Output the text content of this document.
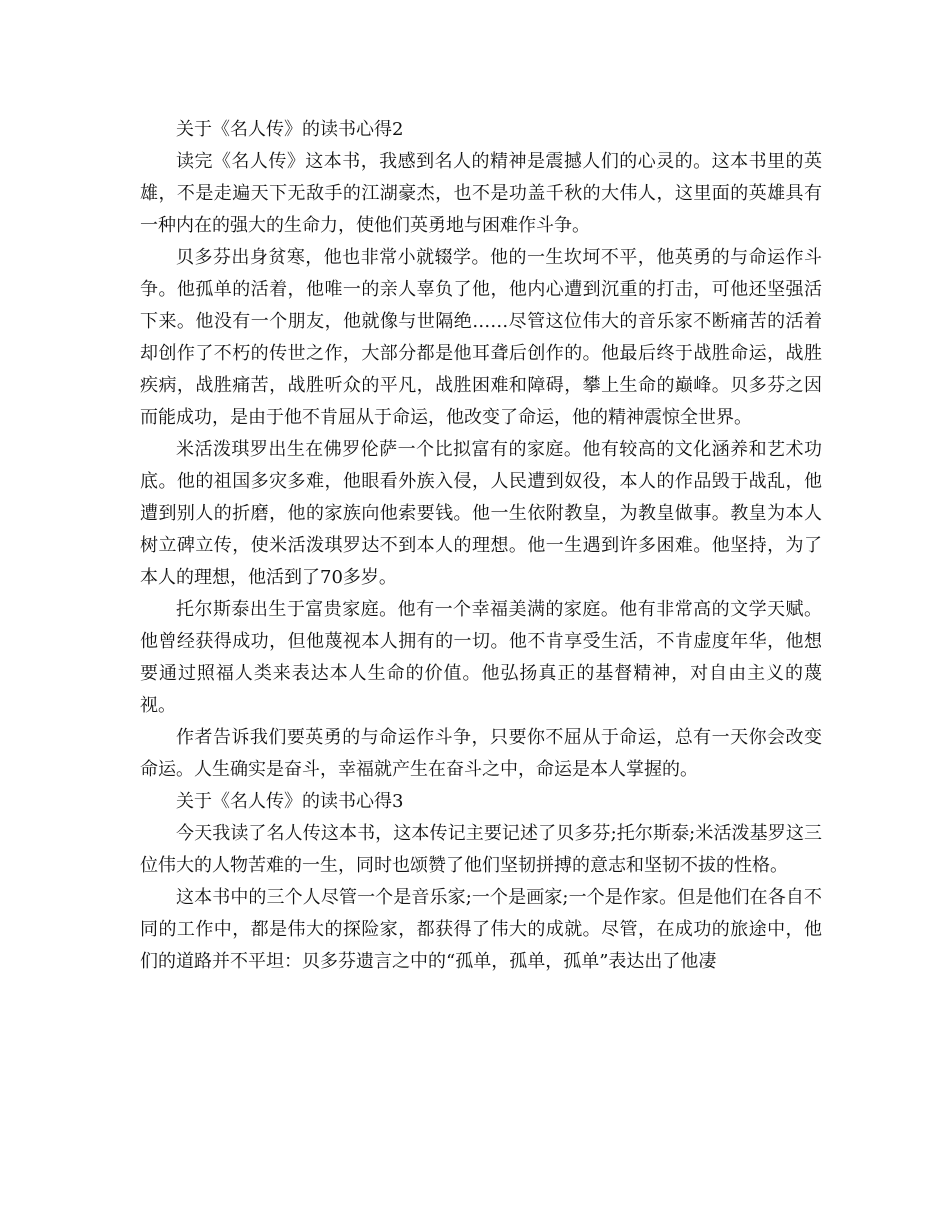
关于《名人传》的读书心得2

读完《名人传》这本书，我感到名人的精神是震撼人们的心灵的。这本书里的英雄，不是走遍天下无敌手的江湖豪杰，也不是功盖千秋的大伟人，这里面的英雄具有一种内在的强大的生命力，使他们英勇地与困难作斗争。

贝多芬出身贫寒，他也非常小就辍学。他的一生坎坷不平，他英勇的与命运作斗争。他孤单的活着，他唯一的亲人辜负了他，他内心遭到沉重的打击，可他还坚强活下来。他没有一个朋友，他就像与世隔绝……尽管这位伟大的音乐家不断痛苦的活着却创作了不朽的传世之作，大部分都是他耳聋后创作的。他最后终于战胜命运，战胜疾病，战胜痛苦，战胜听众的平凡，战胜困难和障碍，攀上生命的巅峰。贝多芬之因而能成功，是由于他不肯屈从于命运，他改变了命运，他的精神震惊全世界。

米活泼琪罗出生在佛罗伦萨一个比拟富有的家庭。他有较高的文化涵养和艺术功底。他的祖国多灾多难，他眼看外族入侵，人民遭到奴役，本人的作品毁于战乱，他遭到别人的折磨，他的家族向他索要钱。他一生依附教皇，为教皇做事。教皇为本人树立碑立传，使米活泼琪罗达不到本人的理想。他一生遇到许多困难。他坚持，为了本人的理想，他活到了70多岁。

托尔斯泰出生于富贵家庭。他有一个幸福美满的家庭。他有非常高的文学天赋。他曾经获得成功，但他蔑视本人拥有的一切。他不肯享受生活，不肯虚度年华，他想要通过照福人类来表达本人生命的价值。他弘扬真正的基督精神，对自由主义的蔑视。

作者告诉我们要英勇的与命运作斗争，只要你不屈从于命运，总有一天你会改变命运。人生确实是奋斗，幸福就产生在奋斗之中，命运是本人掌握的。

关于《名人传》的读书心得3

今天我读了名人传这本书，这本传记主要记述了贝多芬;托尔斯泰;米活泼基罗这三位伟大的人物苦难的一生，同时也颂赞了他们坚韧拼搏的意志和坚韧不拔的性格。

这本书中的三个人尽管一个是音乐家;一个是画家;一个是作家。但是他们在各自不同的工作中，都是伟大的探险家，都获得了伟大的成就。尽管，在成功的旅途中，他们的道路并不平坦：贝多芬遗言之中的“孤单，孤单，孤单”表达出了他凄
